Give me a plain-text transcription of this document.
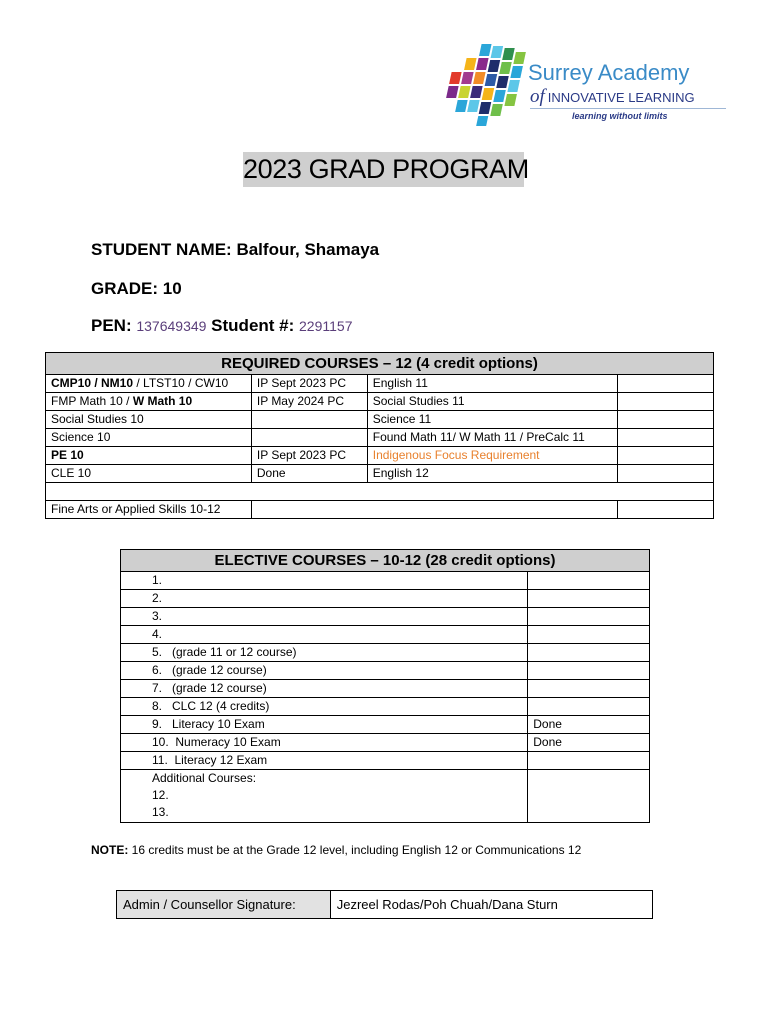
Surrey Academy
of INNOVATIVE LEARNING
learning without limits
2023 GRAD PROGRAM
STUDENT NAME: Balfour, Shamaya
GRADE: 10
PEN: 137649349 Student #: 2291157
REQUIRED COURSES – 12 (4 credit options)			
CMP10 / NM10 / LTST10 / CW10	IP Sept 2023 PC	English 11	
FMP Math 10 / W Math 10	IP May 2024 PC	Social Studies 11	
Social Studies 10		Science 11	
Science 10		Found Math 11/ W Math 11 / PreCalc 11	
PE 10	IP Sept 2023 PC	Indigenous Focus Requirement	
CLE 10	Done	English 12	

Fine Arts or Applied Skills 10-12			
ELECTIVE COURSES – 10-12 (28 credit options)	
1.	
2.	
3.	
4.	
5.   (grade 11 or 12 course)	
6.   (grade 12 course)	
7.   (grade 12 course)	
8.   CLC 12 (4 credits)	
9.   Literacy 10 Exam	Done
10.  Numeracy 10 Exam	Done
11.  Literacy 12 Exam	

Additional Courses:
12.
13.	

NOTE: 16 credits must be at the Grade 12 level, including English 12 or Communications 12
Admin / Counsellor Signature:	Jezreel Rodas/Poh Chuah/Dana Sturn
